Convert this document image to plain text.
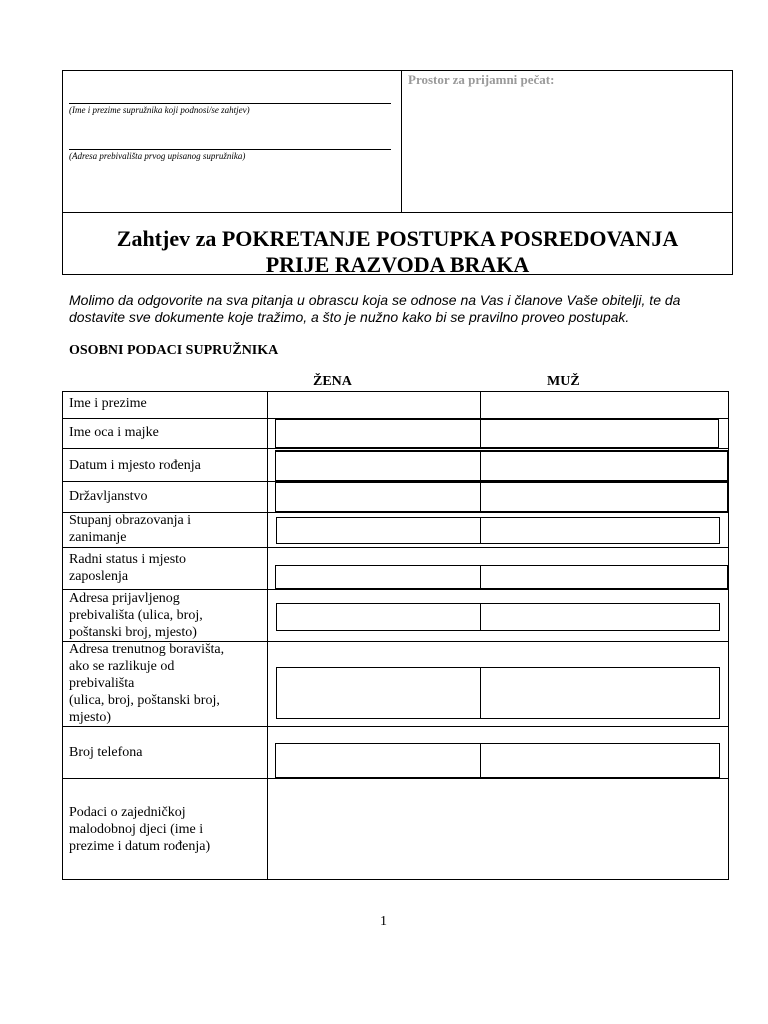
Prostor za prijamni pečat:
(Ime i prezime supružnika koji podnosi/se zahtjev)
(Adresa prebivališta prvog upisanog supružnika)
Zahtjev za POKRETANJE POSTUPKA POSREDOVANJA
PRIJE RAZVODA BRAKA
Molimo da odgovorite na sva pitanja u obrascu koja se odnose na Vas i članove Vaše obitelji, te da
dostavite sve dokumente koje tražimo, a što je nužno kako bi se pravilno proveo postupak.
OSOBNI PODACI SUPRUŽNIKA
ŽENA	MUŽ
Ime i prezime
Ime oca i majke
Datum i mjesto rođenja
Državljanstvo
Stupanj obrazovanja i
zanimanje
Radni status i mjesto
zaposlenja
Adresa prijavljenog
prebivališta (ulica, broj,
poštanski broj, mjesto)
Adresa trenutnog boravišta,
ako se razlikuje od
prebivališta
(ulica, broj, poštanski broj,
mjesto)
Broj telefona
Podaci o zajedničkoj
malodobnoj djeci (ime i
prezime i datum rođenja)
1
